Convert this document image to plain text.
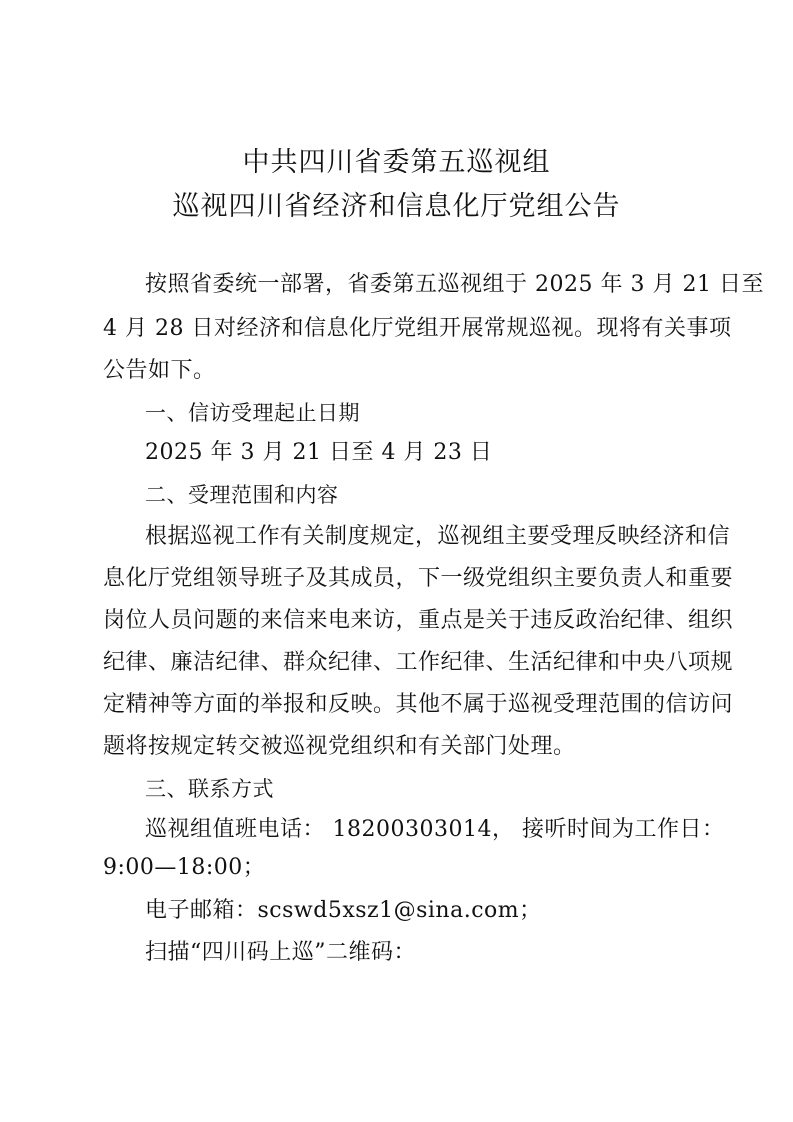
中共四川省委第五巡视组
巡视四川省经济和信息化厅党组公告
按照省委统一部署，省委第五巡视组于 2025 年 3 月 21 日至
4 月 28 日对经济和信息化厅党组开展常规巡视。现将有关事项
公告如下。
一、信访受理起止日期
2025 年 3 月 21 日至 4 月 23 日
二、受理范围和内容
根据巡视工作有关制度规定，巡视组主要受理反映经济和信
息化厅党组领导班子及其成员，下一级党组织主要负责人和重要
岗位人员问题的来信来电来访，重点是关于违反政治纪律、组织
纪律、廉洁纪律、群众纪律、工作纪律、生活纪律和中央八项规
定精神等方面的举报和反映。其他不属于巡视受理范围的信访问
题将按规定转交被巡视党组织和有关部门处理。
三、联系方式
巡视组值班电话： 18200303014， 接听时间为工作日：
9:00—18:00；
电子邮箱：scswd5xsz1@sina.com；
扫描“四川码上巡”二维码：
